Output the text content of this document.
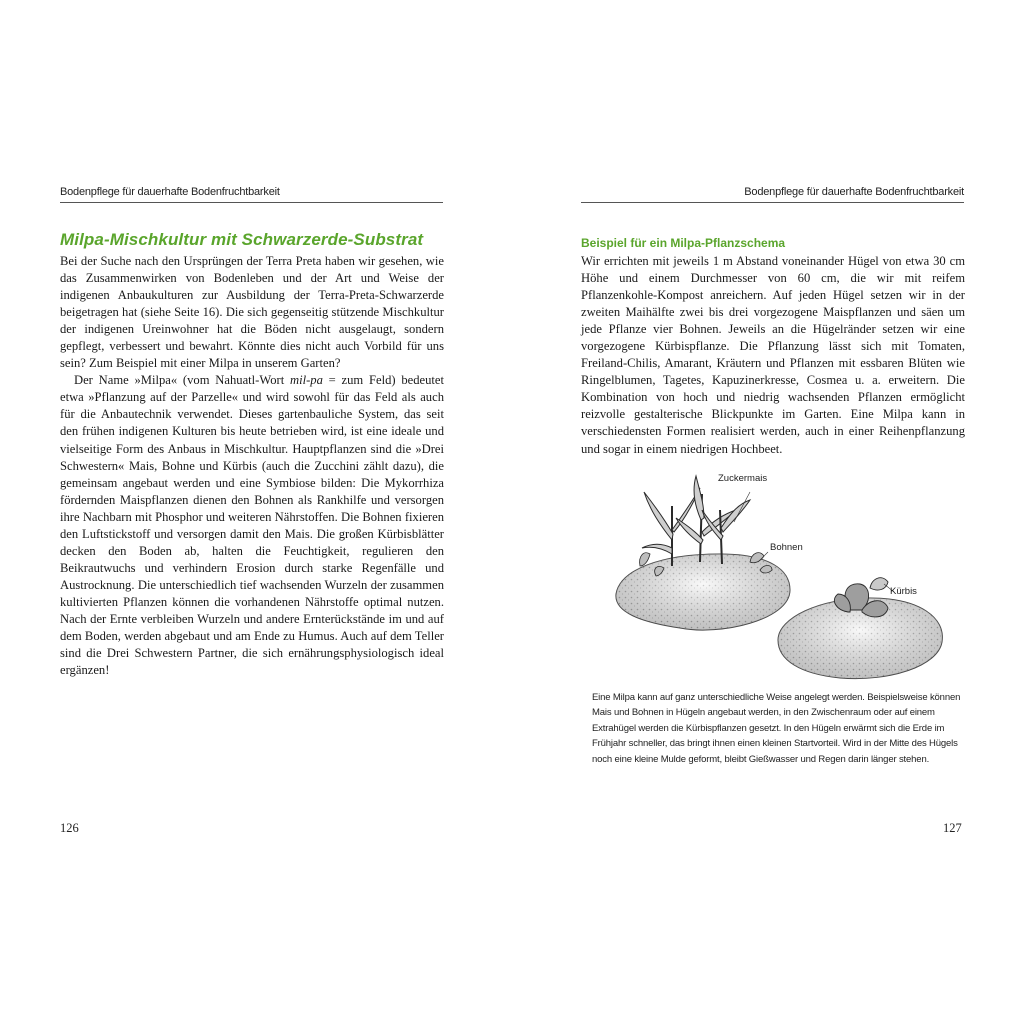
Bodenpflege für dauerhafte Bodenfruchtbarkeit
Milpa-Mischkultur mit Schwarzerde-Substrat

Bei der Suche nach den Ursprüngen der Terra Preta haben wir gesehen, wie das Zusammenwirken von Bodenleben und der Art und Weise der indigenen Anbaukulturen zur Ausbildung der Terra-Preta-Schwarzerde beigetragen hat (siehe Seite 16). Die sich gegenseitig stützende Mischkultur der indigenen Ureinwohner hat die Böden nicht ausgelaugt, sondern gepflegt, verbessert und bewahrt. Könnte dies nicht auch Vorbild für uns sein? Zum Beispiel mit einer Milpa in unserem Garten?

Der Name »Milpa« (vom Nahuatl-Wort mil-pa = zum Feld) bedeutet etwa »Pflanzung auf der Parzelle« und wird sowohl für das Feld als auch für die Anbautechnik verwendet. Dieses gartenbauliche System, das seit den frühen indigenen Kulturen bis heute betrieben wird, ist eine ideale und vielseitige Form des Anbaus in Mischkultur. Hauptpflanzen sind die »Drei Schwestern« Mais, Bohne und Kürbis (auch die Zucchini zählt dazu), die gemeinsam angebaut werden und eine Symbiose bilden: Die Mykorrhiza fördernden Maispflanzen dienen den Bohnen als Rankhilfe und versorgen ihre Nachbarn mit Phosphor und weiteren Nährstoffen. Die Bohnen fixieren den Luftstickstoff und versorgen damit den Mais. Die großen Kürbisblätter decken den Boden ab, halten die Feuchtigkeit, regulieren den Beikrautwuchs und verhindern Erosion durch starke Regenfälle und Austrocknung. Die unterschiedlich tief wachsenden Wurzeln der zusammen kultivierten Pflanzen können die vorhandenen Nährstoffe optimal nutzen. Nach der Ernte verbleiben Wurzeln und andere Ernterückstände im und auf dem Boden, werden abgebaut und am Ende zu Humus. Auch auf dem Teller sind die Drei Schwestern Partner, die sich ernährungsphysiologisch ideal ergänzen!

126
Bodenpflege für dauerhafte Bodenfruchtbarkeit
Beispiel für ein Milpa-Pflanzschema

Wir errichten mit jeweils 1 m Abstand voneinander Hügel von etwa 30 cm Höhe und einem Durchmesser von 60 cm, die wir mit reifem Pflanzenkohle-Kompost anreichern. Auf jeden Hügel setzen wir in der zweiten Maihälfte zwei bis drei vorgezogene Maispflanzen und säen um jede Pflanze vier Bohnen. Jeweils an die Hügelränder setzen wir eine vorgezogene Kürbispflanze. Die Pflanzung lässt sich mit Tomaten, Freiland-Chilis, Amarant, Kräutern und Pflanzen mit essbaren Blüten wie Ringelblumen, Tagetes, Kapuzinerkresse, Cosmea u. a. erweitern. Die Kombination von hoch und niedrig wachsenden Pflanzen ermöglicht reizvolle gestalterische Blickpunkte im Garten. Eine Milpa kann in verschiedensten Formen realisiert werden, auch in einer Reihenpflanzung und sogar in einem niedrigen Hochbeet.

Zuckermais
Bohnen
Kürbis

Eine Milpa kann auf ganz unterschiedliche Weise angelegt werden. Beispielsweise können Mais und Bohnen in Hügeln angebaut werden, in den Zwischenraum oder auf einem Extrahügel werden die Kürbispflanzen gesetzt. In den Hügeln erwärmt sich die Erde im Frühjahr schneller, das bringt ihnen einen kleinen Startvorteil. Wird in der Mitte des Hügels noch eine kleine Mulde geformt, bleibt Gießwasser und Regen darin länger stehen.

127
